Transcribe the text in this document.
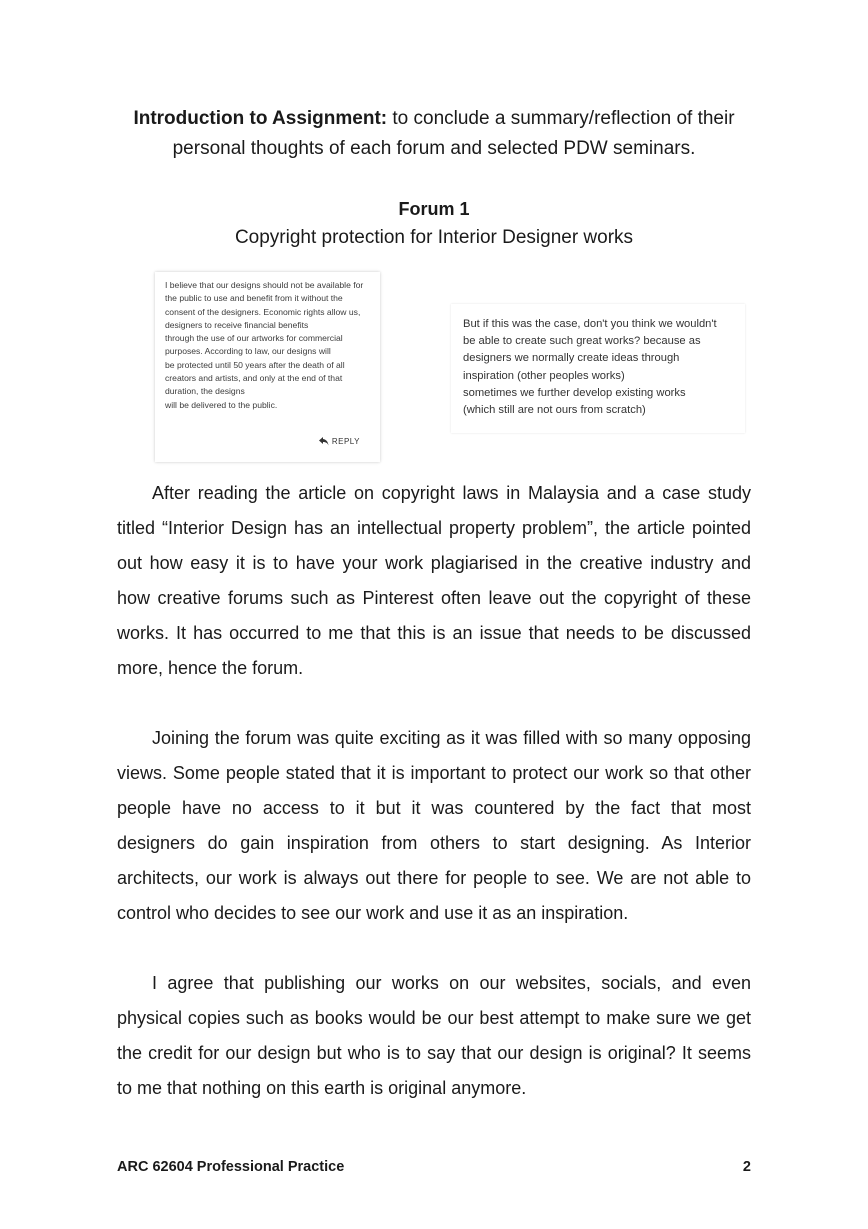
Introduction to Assignment: to conclude a summary/reflection of their personal thoughts of each forum and selected PDW seminars.
Forum 1
Copyright protection for Interior Designer works
I believe that our designs should not be available for
the public to use and benefit from it without the
consent of the designers. Economic rights allow us,
designers to receive financial benefits
through the use of our artworks for commercial
purposes. According to law, our designs will
be protected until 50 years after the death of all
creators and artists, and only at the end of that
duration, the designs
will be delivered to the public.
REPLY
But if this was the case, don't you think we wouldn't
be able to create such great works? because as
designers we normally create ideas through
inspiration (other peoples works)
sometimes we further develop existing works
(which still are not ours from scratch)

After reading the article on copyright laws in Malaysia and a case study titled “Interior Design has an intellectual property problem”, the article pointed out how easy it is to have your work plagiarised in the creative industry and how creative forums such as Pinterest often leave out the copyright of these works. It has occurred to me that this is an issue that needs to be discussed more, hence the forum.

Joining the forum was quite exciting as it was filled with so many opposing views. Some people stated that it is important to protect our work so that other people have no access to it but it was countered by the fact that most designers do gain inspiration from others to start designing. As Interior architects, our work is always out there for people to see. We are not able to control who decides to see our work and use it as an inspiration.

I agree that publishing our works on our websites, socials, and even physical copies such as books would be our best attempt to make sure we get the credit for our design but who is to say that our design is original? It seems to me that nothing on this earth is original anymore.

ARC 62604 Professional Practice	2
